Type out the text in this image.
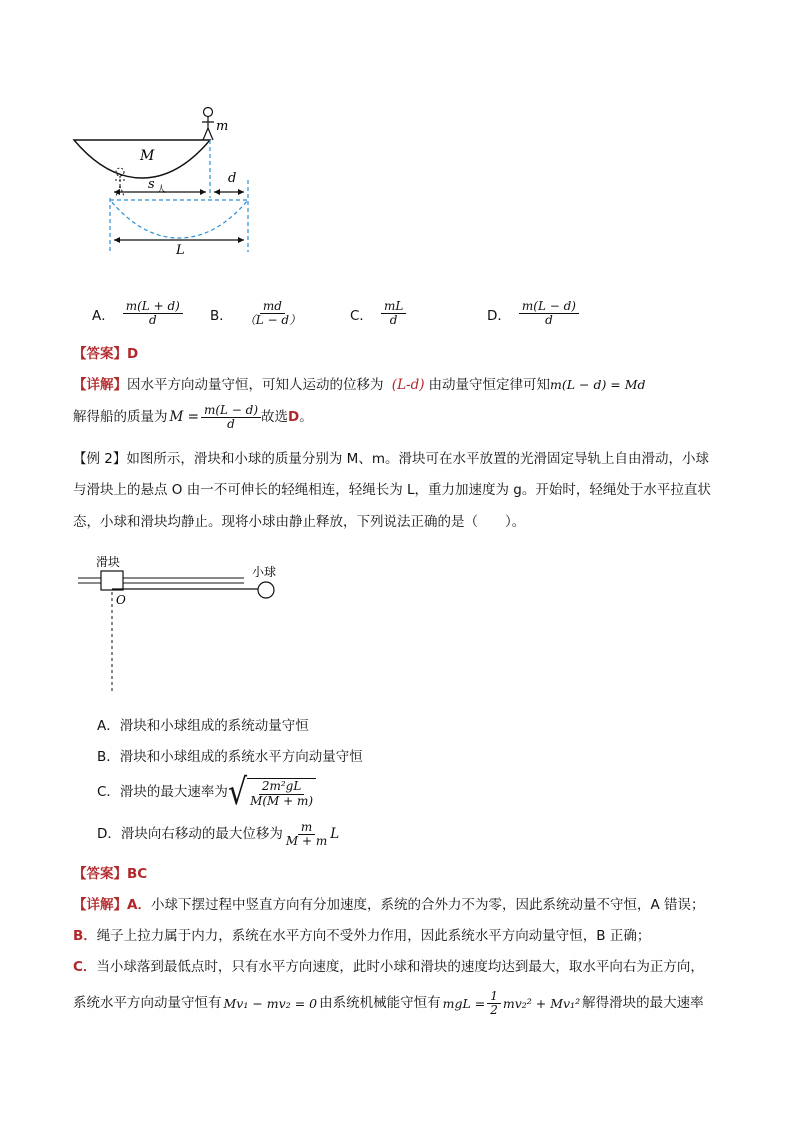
m
M
s 人
d
L
A． $\frac{m(L + d)}{d}$ B． $\frac{md}{(L - d)}$	C． $\frac{mL}{d}$	D． $\frac{m(L - d)}{d}$
【答案】D
【详解】因水平方向动量守恒，可知人运动的位移为 (L-d) 由动量守恒定律可知m(L − d) = Md
解得船的质量为 $M = \frac{m(L - d)}{d}$ 故选 D 。
【例 2】如图所示，滑块和小球的质量分别为 M、m。滑块可在水平放置的光滑固定导轨上自由滑动，小球
与滑块上的悬点 O 由一不可伸长的轻绳相连，轻绳长为 L，重力加速度为 g。开始时，轻绳处于水平拉直状
态，小球和滑块均静止。现将小球由静止释放，下列说法正确的是（　　）。
滑块
小球
O
A．滑块和小球组成的系统动量守恒
B．滑块和小球组成的系统水平方向动量守恒
C．滑块的最大速率为 √ $\frac{\text{2m²gL}}{M(M + m)}$
D．滑块向右移动的最大位移为 $\frac{m}{M + m}$ L
【答案】BC
【详解】A．小球下摆过程中竖直方向有分加速度，系统的合外力不为零，因此系统动量不守恒，A 错误；
B．绳子上拉力属于内力，系统在水平方向不受外力作用，因此系统水平方向动量守恒，B 正确；
C．当小球落到最低点时，只有水平方向速度，此时小球和滑块的速度均达到最大，取水平向右为正方向，
系统水平方向动量守恒有 Mv₁ − mv₂ = 0 由系统机械能守恒有 mgL = $\frac{1}{2} mv_2^2 + Mv_1^2$ 解得滑块的最大速率
